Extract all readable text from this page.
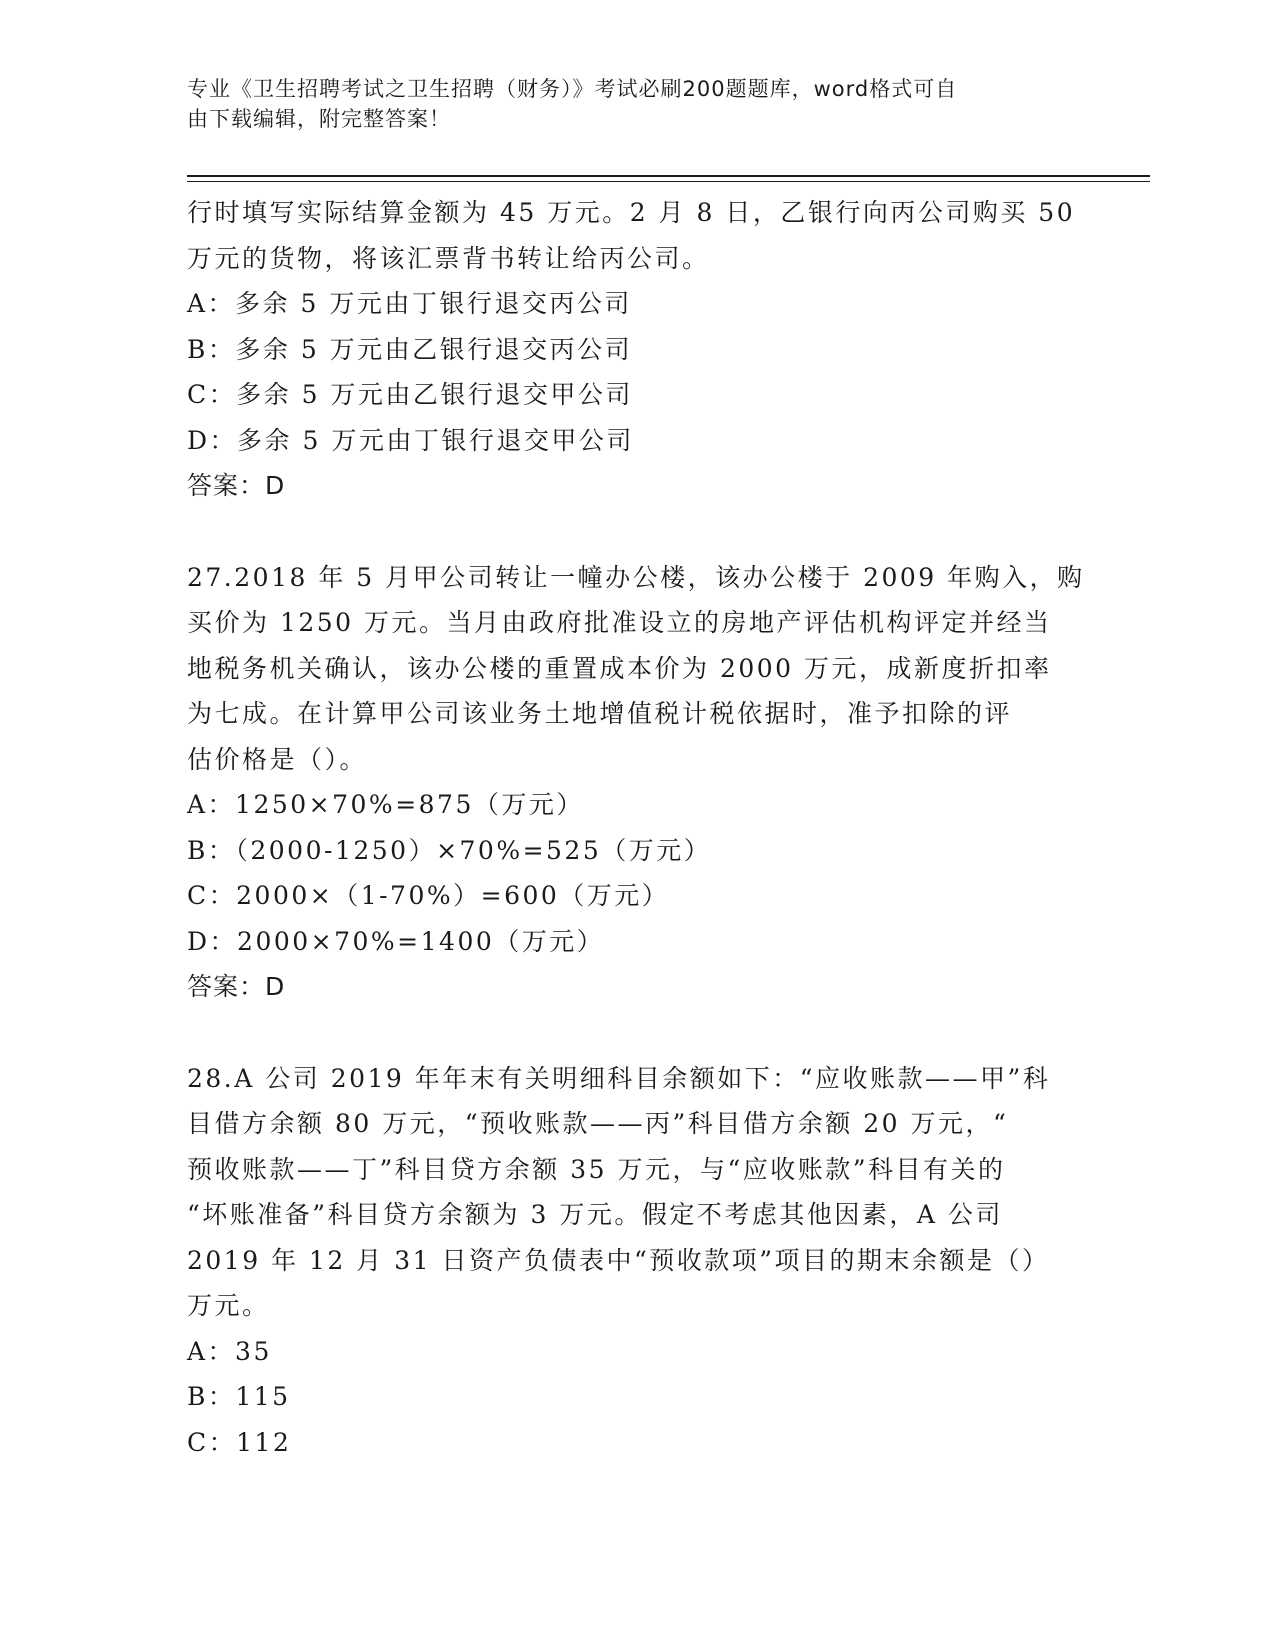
专业《卫生招聘考试之卫生招聘（财务）》考试必刷200题题库，word格式可自
由下载编辑，附完整答案！
行时填写实际结算金额为 45 万元。2 月 8 日，乙银行向丙公司购买 50
万元的货物，将该汇票背书转让给丙公司。
A：多余 5 万元由丁银行退交丙公司
B：多余 5 万元由乙银行退交丙公司
C：多余 5 万元由乙银行退交甲公司
D：多余 5 万元由丁银行退交甲公司
答案：D
27.2018 年 5 月甲公司转让一幢办公楼，该办公楼于 2009 年购入，购
买价为 1250 万元。当月由政府批准设立的房地产评估机构评定并经当
地税务机关确认，该办公楼的重置成本价为 2000 万元，成新度折扣率
为七成。在计算甲公司该业务土地增值税计税依据时，准予扣除的评
估价格是（）。
A：1250×70%=875（万元）
B：（2000-1250）×70%=525（万元）
C：2000×（1-70%）=600（万元）
D：2000×70%=1400（万元）
答案：D
28.A 公司 2019 年年末有关明细科目余额如下：“应收账款——甲”科
目借方余额 80 万元，“预收账款——丙”科目借方余额 20 万元，“
预收账款——丁”科目贷方余额 35 万元，与“应收账款”科目有关的
“坏账准备”科目贷方余额为 3 万元。假定不考虑其他因素，A 公司
2019 年 12 月 31 日资产负债表中“预收款项”项目的期末余额是（）
万元。
A：35
B：115
C：112
